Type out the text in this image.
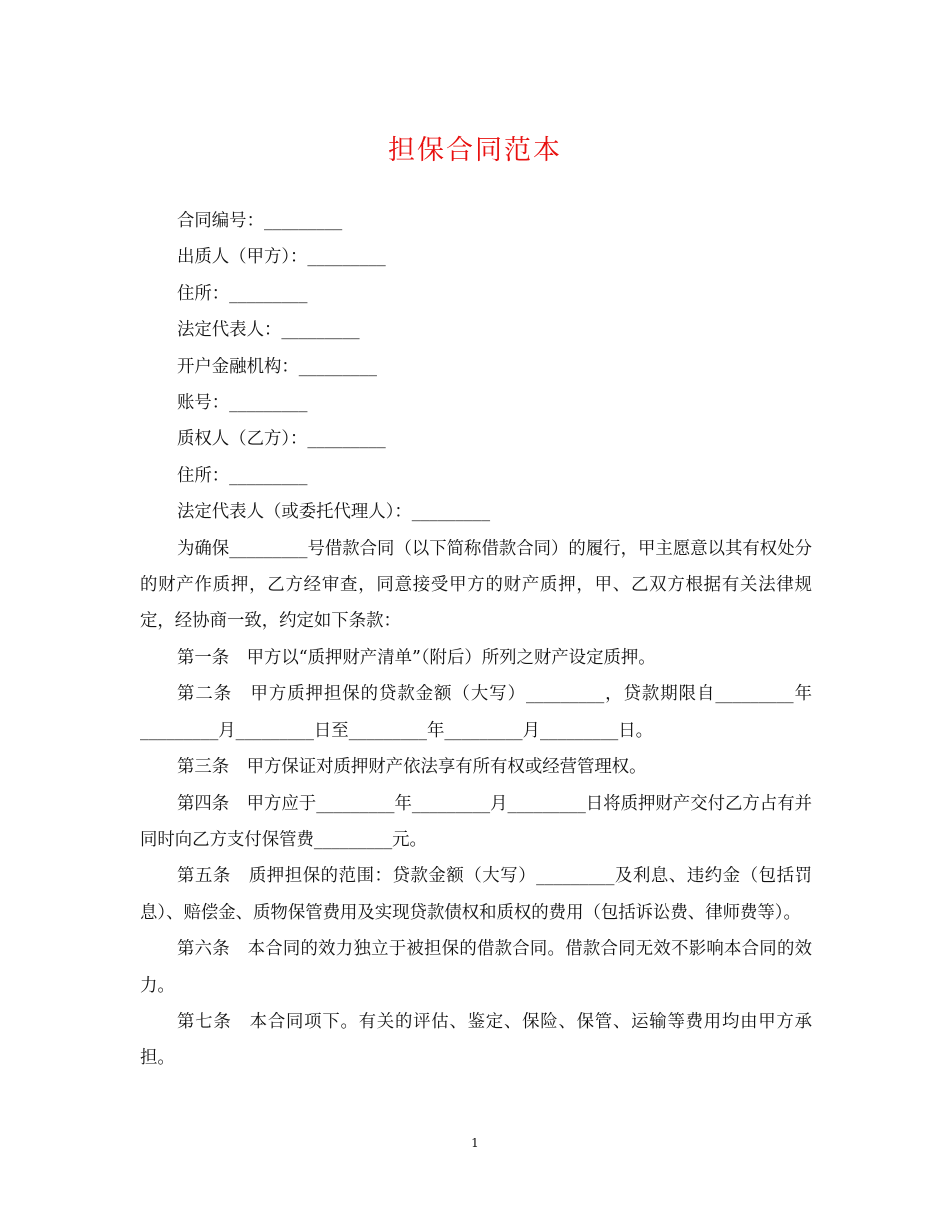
担保合同范本
合同编号：_________
出质人（甲方）：_________
住所：_________
法定代表人：_________
开户金融机构：_________
账号：_________
质权人（乙方）：_________
住所：_________
法定代表人（或委托代理人）：_________

为确保_________号借款合同（以下简称借款合同）的履行，甲主愿意以其有权处分的财产作质押，乙方经审查，同意接受甲方的财产质押，甲、乙双方根据有关法律规定，经协商一致，约定如下条款：

第一条　甲方以“质押财产清单”（附后）所列之财产设定质押。

第二条　甲方质押担保的贷款金额（大写）_________，贷款期限自_________年_________月_________日至_________年_________月_________日。

第三条　甲方保证对质押财产依法享有所有权或经营管理权。

第四条　甲方应于_________年_________月_________日将质押财产交付乙方占有并同时向乙方支付保管费_________元。

第五条　质押担保的范围：贷款金额（大写）_________及利息、违约金（包括罚息）、赔偿金、质物保管费用及实现贷款债权和质权的费用（包括诉讼费、律师费等）。

第六条　本合同的效力独立于被担保的借款合同。借款合同无效不影响本合同的效力。

第七条　本合同项下。有关的评估、鉴定、保险、保管、运输等费用均由甲方承担。

1
